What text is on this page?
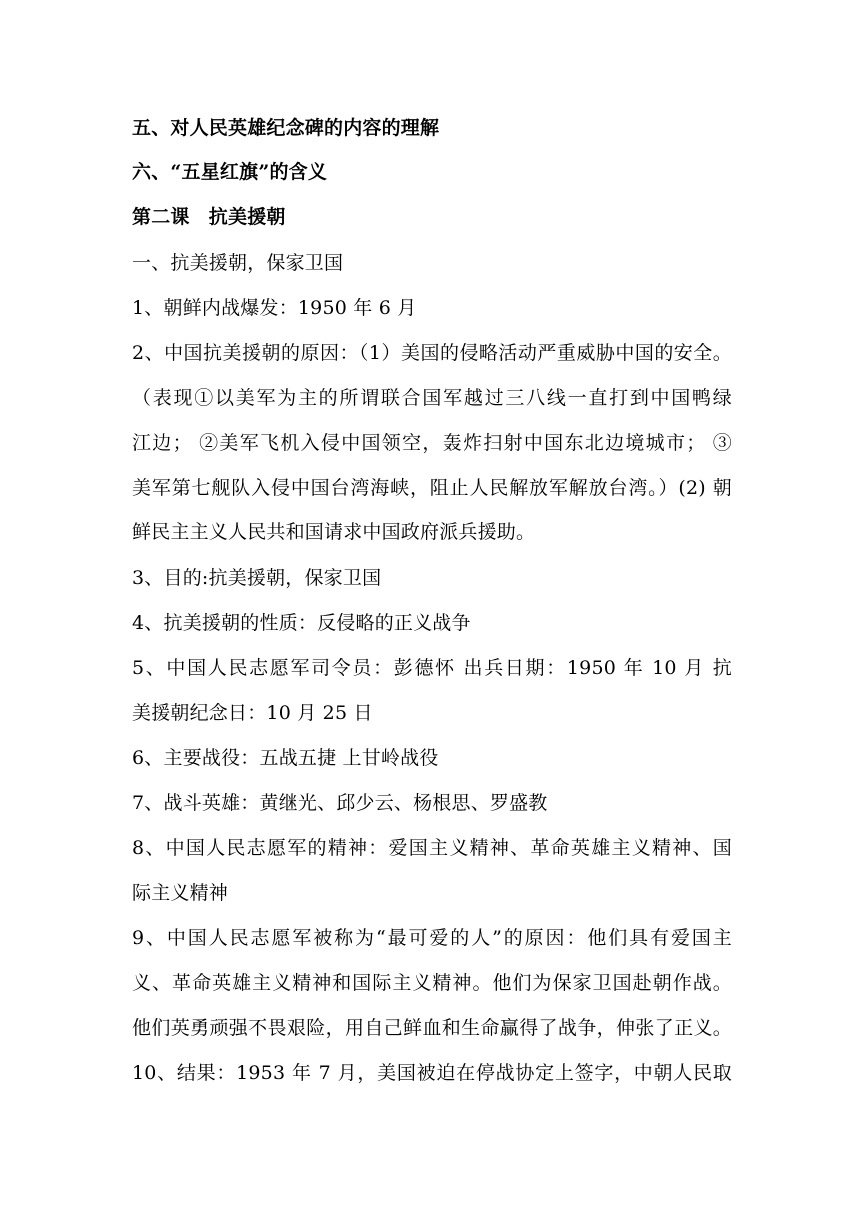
五、对人民英雄纪念碑的内容的理解
六、“五星红旗”的含义
第二课　抗美援朝
一、抗美援朝，保家卫国
1、朝鲜内战爆发：1950 年 6 月
2、中国抗美援朝的原因：（1）美国的侵略活动严重威胁中国的安全。
（表现①以美军为主的所谓联合国军越过三八线一直打到中国鸭绿
江边； ②美军飞机入侵中国领空，轰炸扫射中国东北边境城市； ③
美军第七舰队入侵中国台湾海峡，阻止人民解放军解放台湾。）(2) 朝
鲜民主主义人民共和国请求中国政府派兵援助。
3、目的:抗美援朝，保家卫国
4、抗美援朝的性质：反侵略的正义战争
5、中国人民志愿军司令员：彭德怀 出兵日期：1950 年 10 月 抗
美援朝纪念日：10 月 25 日
6、主要战役：五战五捷 上甘岭战役
7、战斗英雄：黄继光、邱少云、杨根思、罗盛教
8、中国人民志愿军的精神：爱国主义精神、革命英雄主义精神、国
际主义精神
9、中国人民志愿军被称为“最可爱的人”的原因：他们具有爱国主
义、革命英雄主义精神和国际主义精神。他们为保家卫国赴朝作战。
他们英勇顽强不畏艰险，用自己鲜血和生命赢得了战争，伸张了正义。
10、结果：1953 年 7 月，美国被迫在停战协定上签字，中朝人民取
